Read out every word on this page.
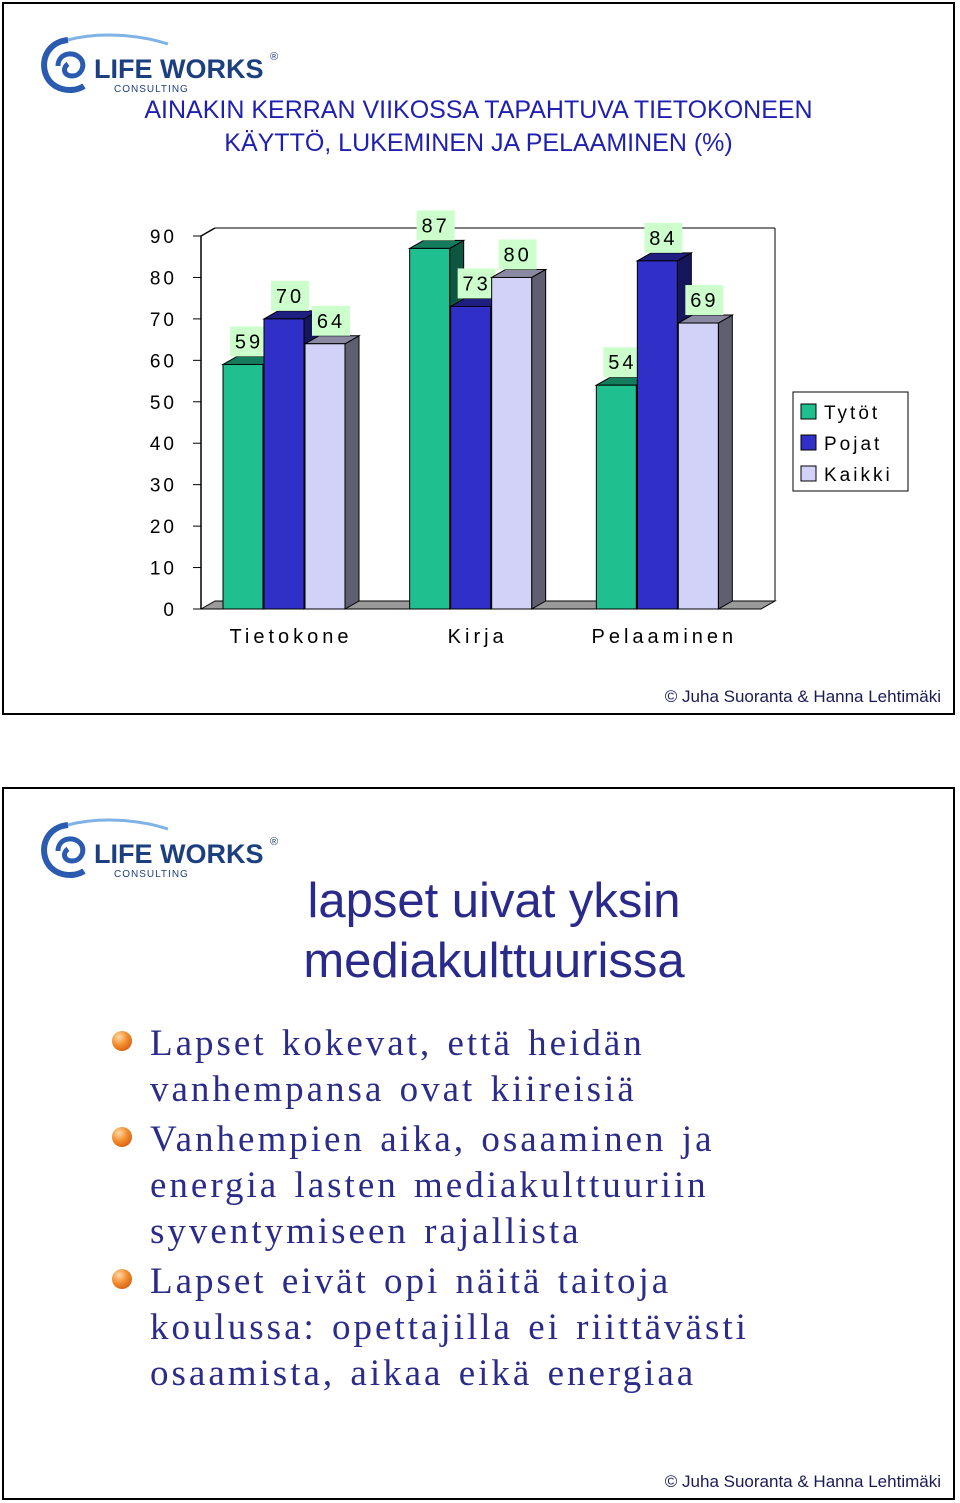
LIFE WORKS ®
CONSULTING
AINAKIN KERRAN VIIKOSSA TAPAHTUVA TIETOKONEEN
KÄYTTÖ, LUKEMINEN JA PELAAMINEN (%)
0
10
20
30
40
50
60
70
80
90
59
70
64
Tietokone
87
73
80
Kirja
54
84
69
Pelaaminen
Tytöt
Pojat
Kaikki
© Juha Suoranta & Hanna Lehtimäki
LIFE WORKS ®
CONSULTING	lapset uivat yksin
mediakulttuurissa
Lapset kokevat, että heidän
vanhempansa ovat kiireisiä
Vanhempien aika, osaaminen ja
energia lasten mediakulttuuriin
syventymiseen rajallista
Lapset eivät opi näitä taitoja
koulussa: opettajilla ei riittävästi
osaamista, aikaa eikä energiaa
© Juha Suoranta & Hanna Lehtimäki
